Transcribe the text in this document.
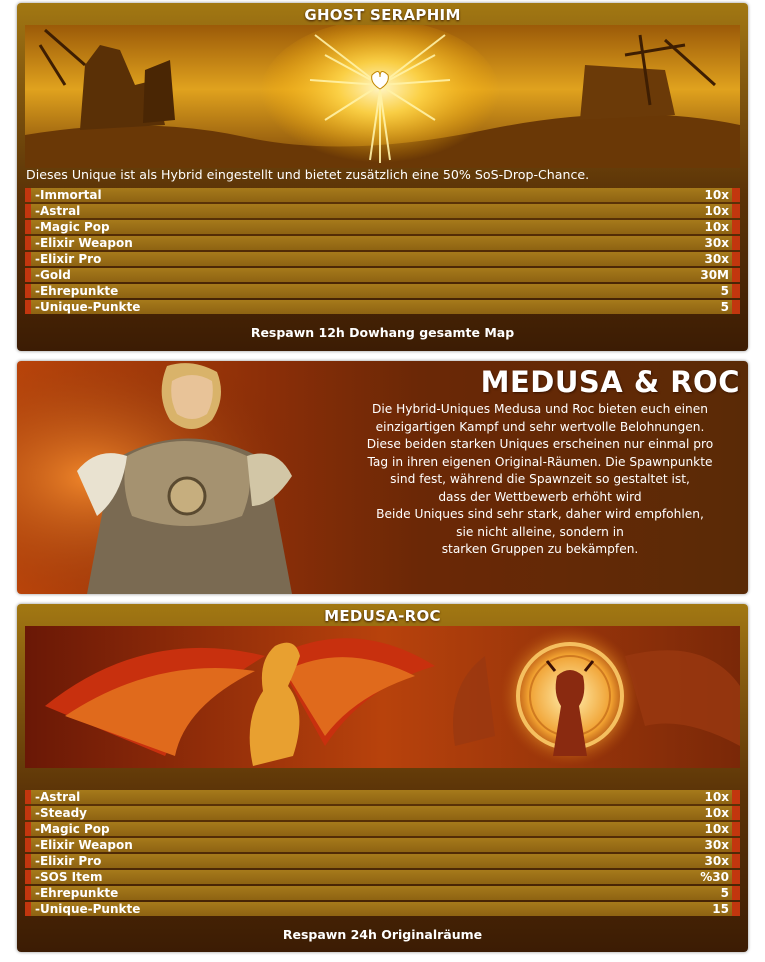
GHOST SERAPHIM
Dieses Unique ist als Hybrid eingestellt und bietet zusätzlich eine 50% SoS-Drop-Chance.
-Immortal	10x
-Astral	10x
-Magic Pop	10x
-Elixir Weapon	30x
-Elixir Pro	30x
-Gold	30M
-Ehrepunkte	5
-Unique-Punkte	5
Respawn 12h Dowhang gesamte Map
MEDUSA & ROC
Die Hybrid-Uniques Medusa und Roc bieten euch einen
einzigartigen Kampf und sehr wertvolle Belohnungen.
Diese beiden starken Uniques erscheinen nur einmal pro
Tag in ihren eigenen Original-Räumen. Die Spawnpunkte
sind fest, während die Spawnzeit so gestaltet ist,
dass der Wettbewerb erhöht wird
Beide Uniques sind sehr stark, daher wird empfohlen,
sie nicht alleine, sondern in
starken Gruppen zu bekämpfen.
MEDUSA-ROC
-Astral	10x
-Steady	10x
-Magic Pop	10x
-Elixir Weapon	30x
-Elixir Pro	30x
-SOS Item	%30
-Ehrepunkte	5
-Unique-Punkte	15
Respawn 24h Originalräume
